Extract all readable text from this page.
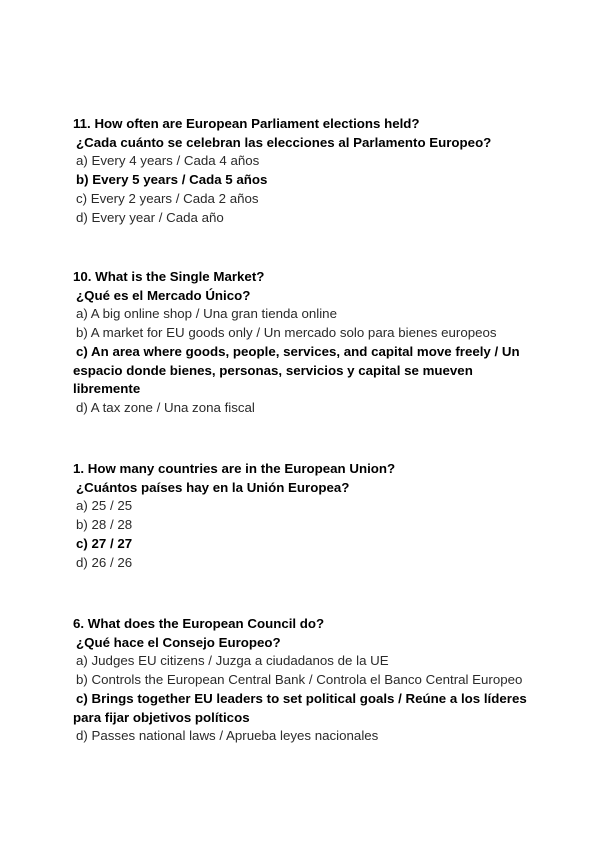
11. How often are European Parliament elections held?

¿Cada cuánto se celebran las elecciones al Parlamento Europeo?

a) Every 4 years / Cada 4 años

b) Every 5 years / Cada 5 años

c) Every 2 years / Cada 2 años

d) Every year / Cada año

10. What is the Single Market?

¿Qué es el Mercado Único?

a) A big online shop / Una gran tienda online

b) A market for EU goods only / Un mercado solo para bienes europeos

c) An area where goods, people, services, and capital move freely / Un espacio donde bienes, personas, servicios y capital se mueven libremente

d) A tax zone / Una zona fiscal

1. How many countries are in the European Union?

¿Cuántos países hay en la Unión Europea?

a) 25 / 25

b) 28 / 28

c) 27 / 27

d) 26 / 26

6. What does the European Council do?

¿Qué hace el Consejo Europeo?

a) Judges EU citizens / Juzga a ciudadanos de la UE

b) Controls the European Central Bank / Controla el Banco Central Europeo

c) Brings together EU leaders to set political goals / Reúne a los líderes para fijar objetivos políticos

d) Passes national laws / Aprueba leyes nacionales
